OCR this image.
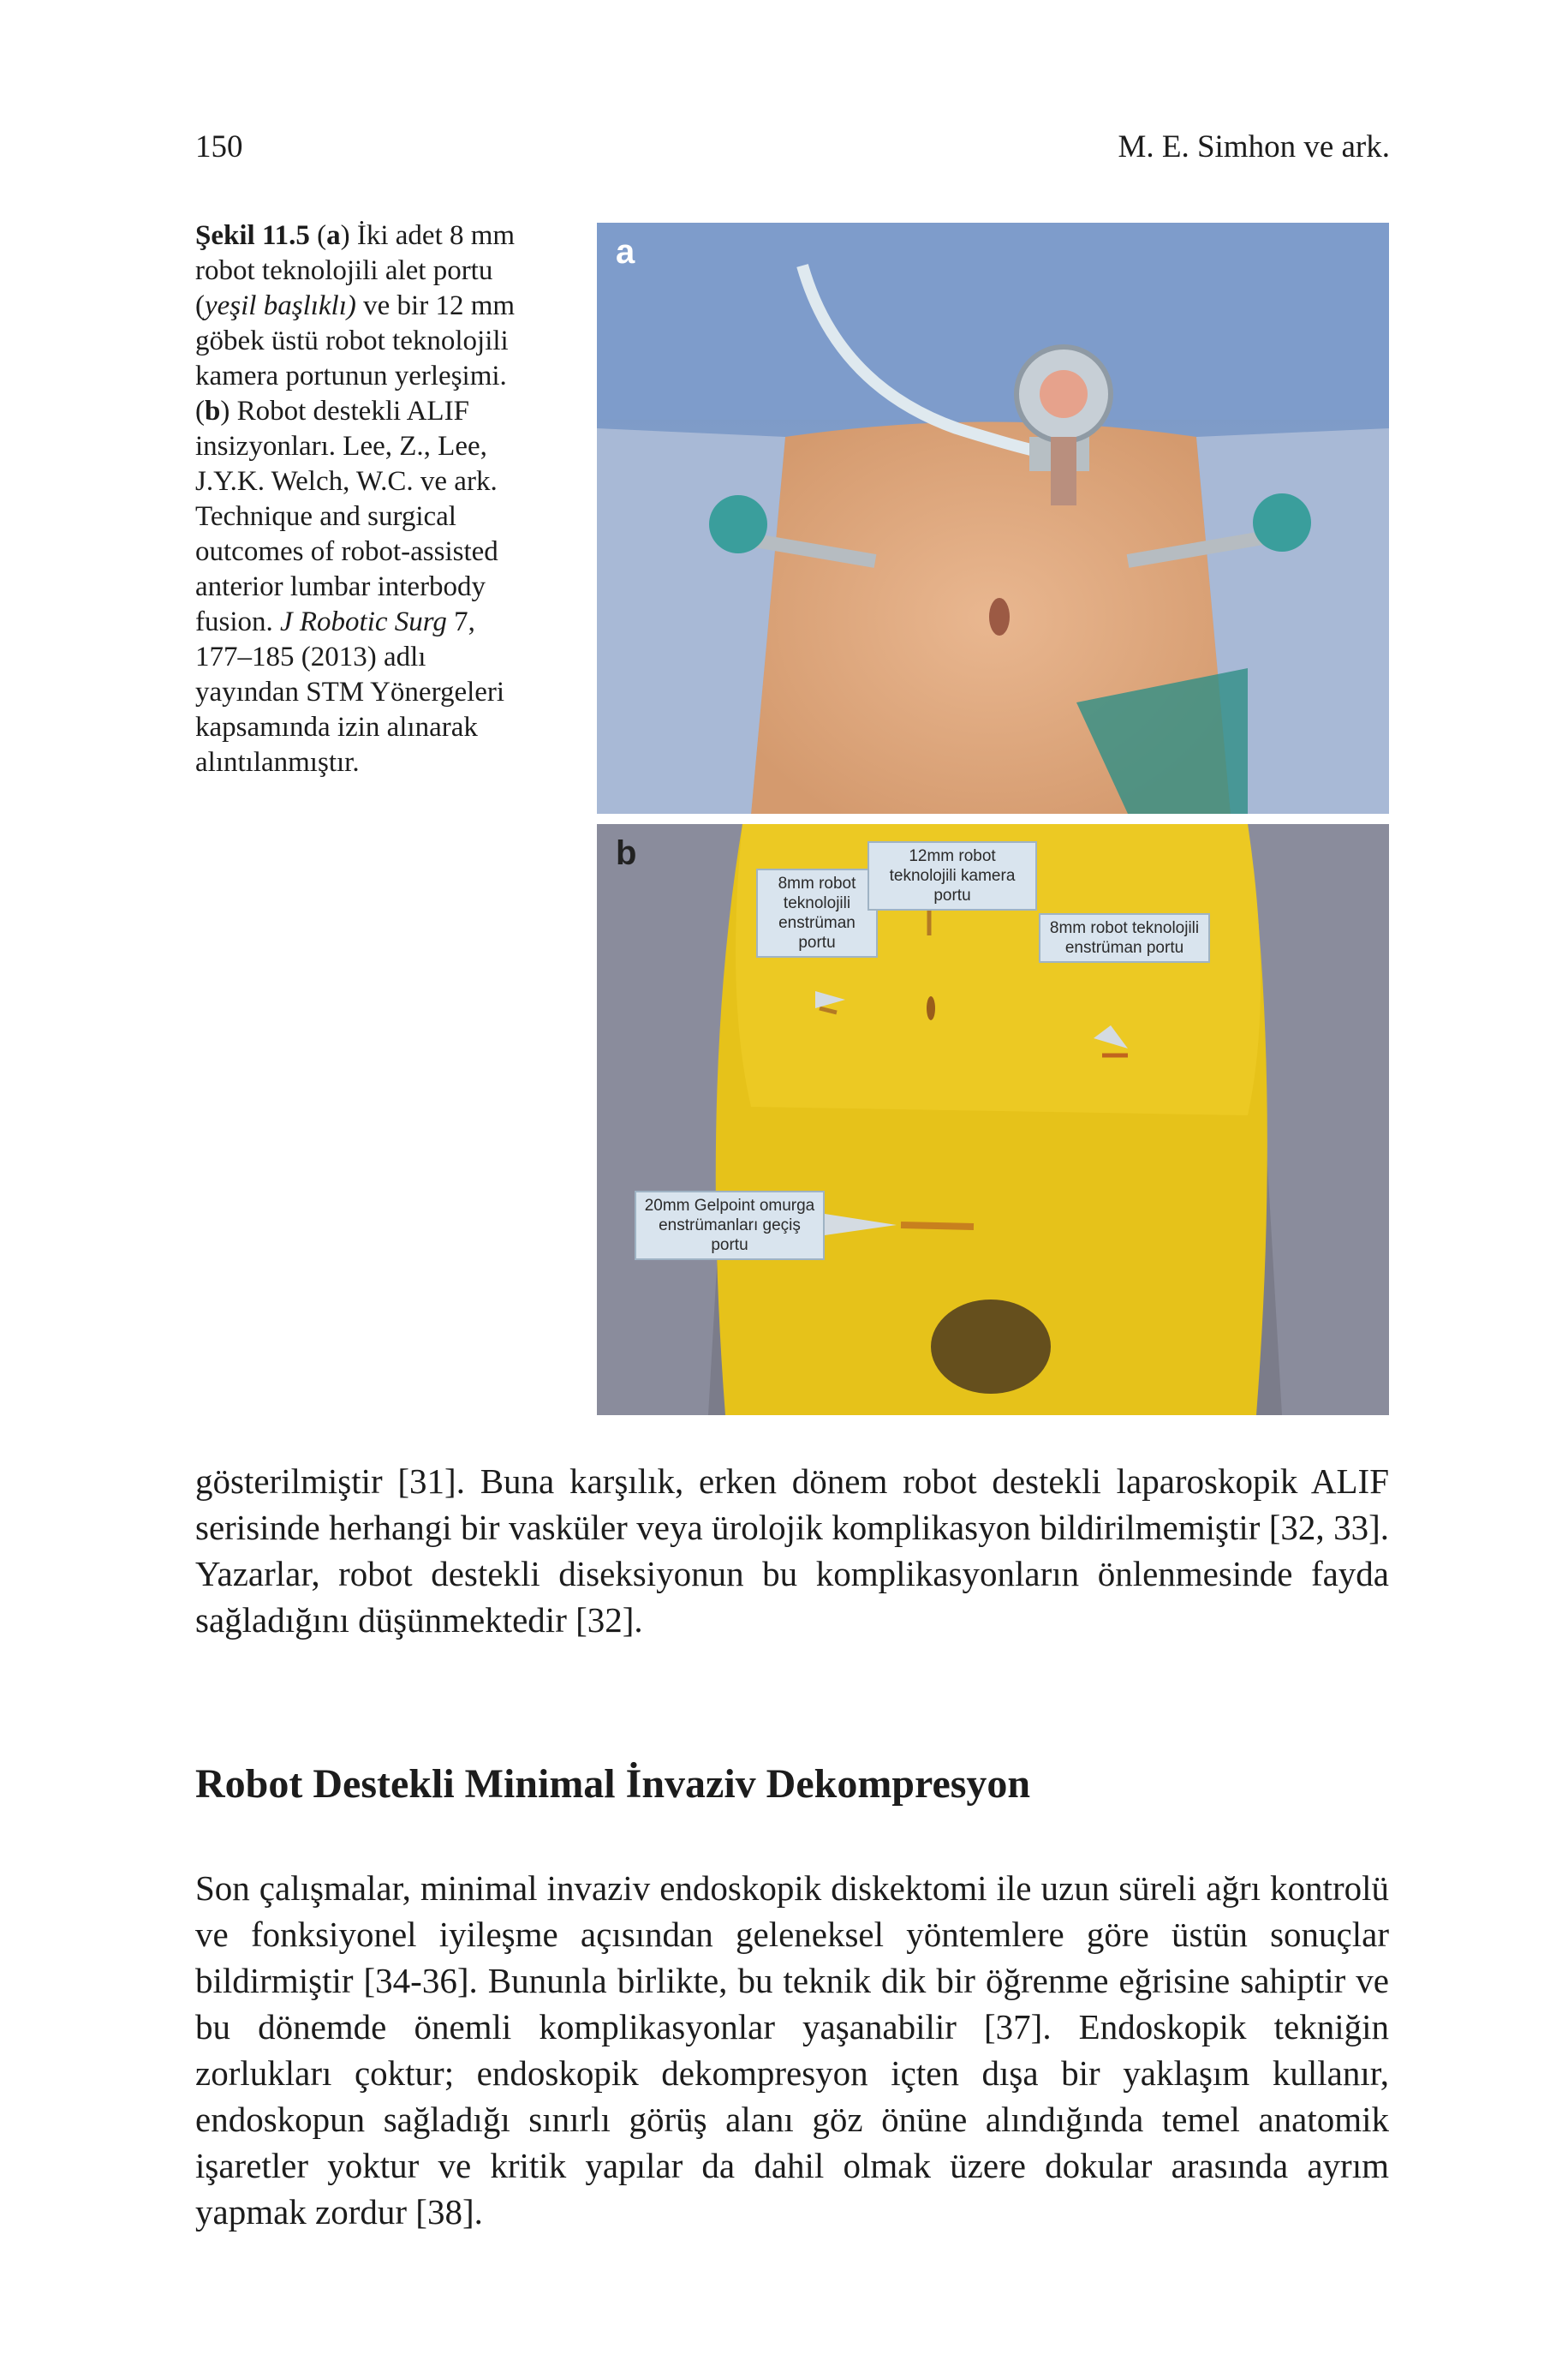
150	M. E. Simhon ve ark.
Şekil 11.5 (a) İki adet 8 mm robot teknolojili alet portu (yeşil başlıklı) ve bir 12 mm göbek üstü robot teknolojili kamera portunun yerleşimi. (b) Robot destekli ALIF insizyonları. Lee, Z., Lee, J.Y.K. Welch, W.C. ve ark. Technique and surgical outcomes of robot-assisted anterior lumbar interbody fusion. J Robotic Surg 7, 177–185 (2013) adlı yayından STM Yönergeleri kapsamında izin alınarak alıntılanmıştır.
a
b
8mm robot teknolojili enstrüman portu
12mm robot teknolojili kamera portu
8mm robot teknolojili enstrüman portu
20mm Gelpoint omurga enstrümanları geçiş portu

gösterilmiştir [31]. Buna karşılık, erken dönem robot destekli laparoskopik ALIF serisinde herhangi bir vasküler veya ürolojik komplikasyon bildirilmemiştir [32, 33]. Yazarlar, robot destekli diseksiyonun bu komplikasyonların önlenmesinde fayda sağladığını düşünmektedir [32].

Robot Destekli Minimal İnvaziv Dekompresyon

Son çalışmalar, minimal invaziv endoskopik diskektomi ile uzun süreli ağrı kontrolü ve fonksiyonel iyileşme açısından geleneksel yöntemlere göre üstün sonuçlar bildirmiştir [34-36]. Bununla birlikte, bu teknik dik bir öğrenme eğrisine sahiptir ve bu dönemde önemli komplikasyonlar yaşanabilir [37]. Endoskopik tekniğin zorlukları çoktur; endoskopik dekompresyon içten dışa bir yaklaşım kullanır, endoskopun sağladığı sınırlı görüş alanı göz önüne alındığında temel anatomik işaretler yoktur ve kritik yapılar da dahil olmak üzere dokular arasında ayrım yapmak zordur [38].
